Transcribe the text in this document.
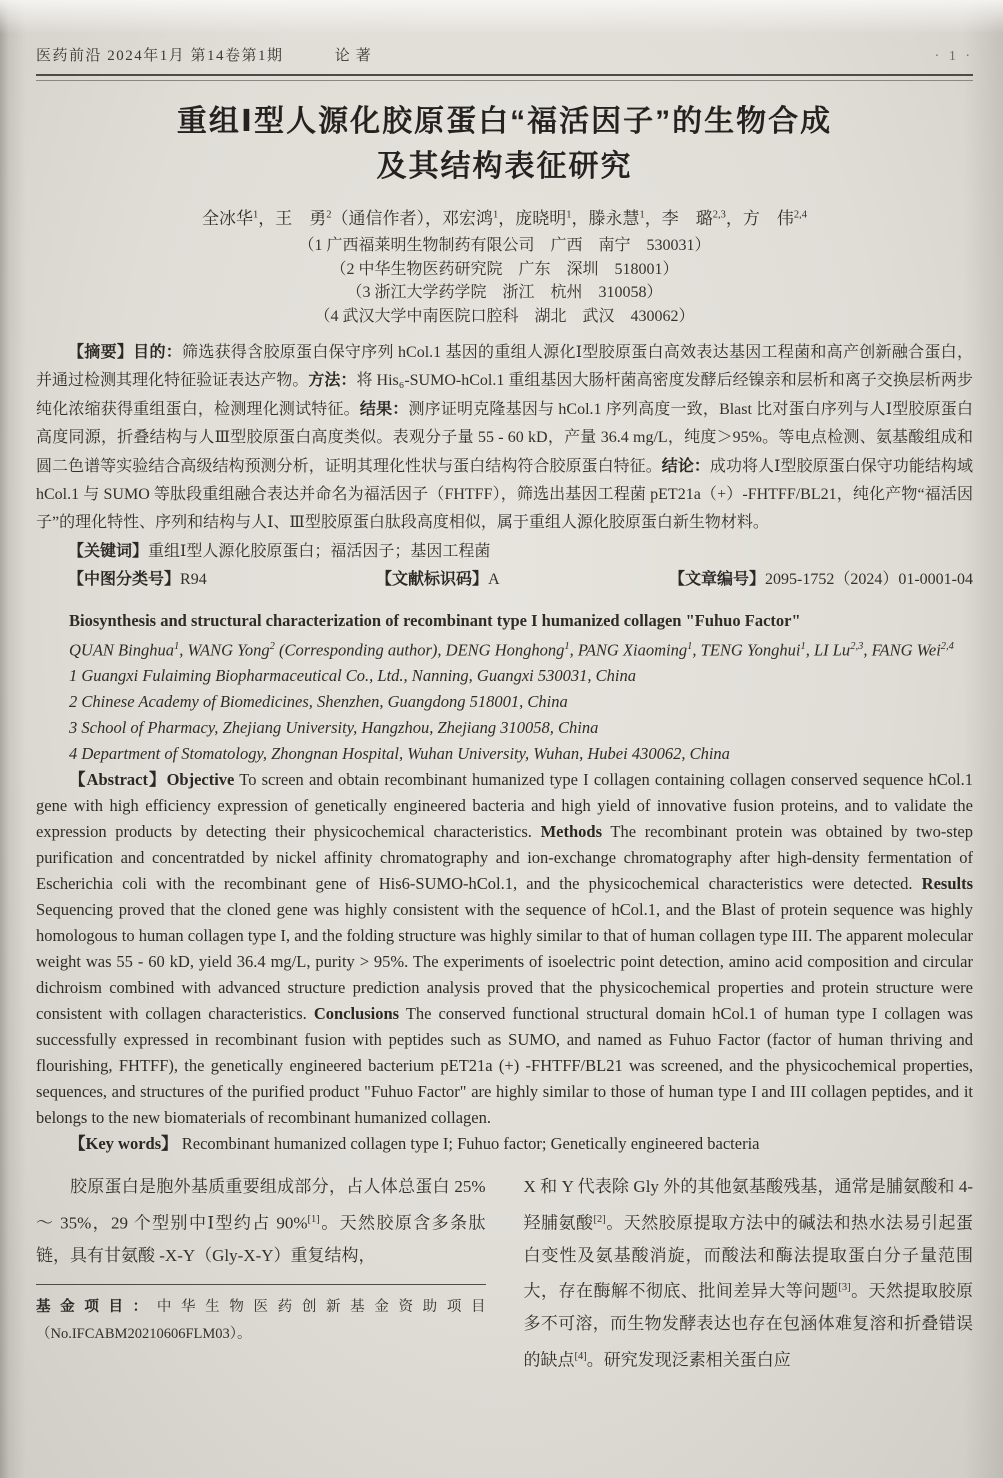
医药前沿 2024年1月 第14卷第1期	论著	· 1 ·
重组Ⅰ型人源化胶原蛋白“福活因子”的生物合成
及其结构表征研究

全冰华$^1$，王　勇$^2$（通信作者），邓宏鸿$^1$，庞晓明$^1$，滕永慧$^1$，李　璐$^{2,3}$，方　伟$^{2,4}$

（1 广西福莱明生物制药有限公司　广西　南宁　530031）

（2 中华生物医药研究院　广东　深圳　518001）

（3 浙江大学药学院　浙江　杭州　310058）

（4 武汉大学中南医院口腔科　湖北　武汉　430062）

【摘要】目的：筛选获得含胶原蛋白保守序列 hCol.1 基因的重组人源化Ⅰ型胶原蛋白高效表达基因工程菌和高产创新融合蛋白，并通过检测其理化特征验证表达产物。方法：将 His₆-SUMO-hCol.1 重组基因大肠杆菌高密度发酵后经镍亲和层析和离子交换层析两步纯化浓缩获得重组蛋白，检测理化测试特征。结果：测序证明克隆基因与 hCol.1 序列高度一致，Blast 比对蛋白序列与人Ⅰ型胶原蛋白高度同源，折叠结构与人Ⅲ型胶原蛋白高度类似。表观分子量 55 - 60 kD，产量 36.4 mg/L，纯度＞95%。等电点检测、氨基酸组成和圆二色谱等实验结合高级结构预测分析，证明其理化性状与蛋白结构符合胶原蛋白特征。结论：成功将人Ⅰ型胶原蛋白保守功能结构域 hCol.1 与 SUMO 等肽段重组融合表达并命名为福活因子（FHTFF），筛选出基因工程菌 pET21a（+）-FHTFF/BL21，纯化产物“福活因子”的理化特性、序列和结构与人Ⅰ、Ⅲ型胶原蛋白肽段高度相似，属于重组人源化胶原蛋白新生物材料。

【关键词】重组Ⅰ型人源化胶原蛋白；福活因子；基因工程菌

【中图分类号】R94	【文献标识码】A	【文章编号】2095-1752（2024）01-0001-04

Biosynthesis and structural characterization of recombinant type I humanized collagen "Fuhuo Factor"

QUAN Binghua$^1$, WANG Yong$^2$ (Corresponding author), DENG Honghong$^1$, PANG Xiaoming$^1$, TENG Yonghui$^1$, LI Lu$^{2,3}$, FANG Wei$^{2,4}$

1 Guangxi Fulaiming Biopharmaceutical Co., Ltd., Nanning, Guangxi 530031, China

2 Chinese Academy of Biomedicines, Shenzhen, Guangdong 518001, China

3 School of Pharmacy, Zhejiang University, Hangzhou, Zhejiang 310058, China

4 Department of Stomatology, Zhongnan Hospital, Wuhan University, Wuhan, Hubei 430062, China

【Abstract】Objective To screen and obtain recombinant humanized type I collagen containing collagen conserved sequence hCol.1 gene with high efficiency expression of genetically engineered bacteria and high yield of innovative fusion proteins, and to validate the expression products by detecting their physicochemical characteristics. Methods The recombinant protein was obtained by two-step purification and concentratded by nickel affinity chromatography and ion-exchange chromatography after high-density fermentation of Escherichia coli with the recombinant gene of His6-SUMO-hCol.1, and the physicochemical characteristics were detected. Results Sequencing proved that the cloned gene was highly consistent with the sequence of hCol.1, and the Blast of protein sequence was highly homologous to human collagen type I, and the folding structure was highly similar to that of human collagen type III. The apparent molecular weight was 55 - 60 kD, yield 36.4 mg/L, purity > 95%. The experiments of isoelectric point detection, amino acid composition and circular dichroism combined with advanced structure prediction analysis proved that the physicochemical properties and protein structure were consistent with collagen characteristics. Conclusions The conserved functional structural domain hCol.1 of human type I collagen was successfully expressed in recombinant fusion with peptides such as SUMO, and named as Fuhuo Factor (factor of human thriving and flourishing, FHTFF), the genetically engineered bacterium pET21a (+) -FHTFF/BL21 was screened, and the physicochemical properties, sequences, and structures of the purified product "Fuhuo Factor" are highly similar to those of human type I and III collagen peptides, and it belongs to the new biomaterials of recombinant humanized collagen.

【Key words】 Recombinant humanized collagen type I; Fuhuo factor; Genetically engineered bacteria

胶原蛋白是胞外基质重要组成部分，占人体总蛋白 25% ～ 35%，29 个型别中Ⅰ型约占 90%[1]。天然胶原含多条肽链，具有甘氨酸 -X-Y（Gly-X-Y）重复结构，

基金项目：中华生物医药创新基金资助项目（No.IFCABM20210606FLM03）。

X 和 Y 代表除 Gly 外的其他氨基酸残基，通常是脯氨酸和 4- 羟脯氨酸[2]。天然胶原提取方法中的碱法和热水法易引起蛋白变性及氨基酸消旋，而酸法和酶法提取蛋白分子量范围大，存在酶解不彻底、批间差异大等问题[3]。天然提取胶原多不可溶，而生物发酵表达也存在包涵体难复溶和折叠错误的缺点[4]。研究发现泛素相关蛋白应
